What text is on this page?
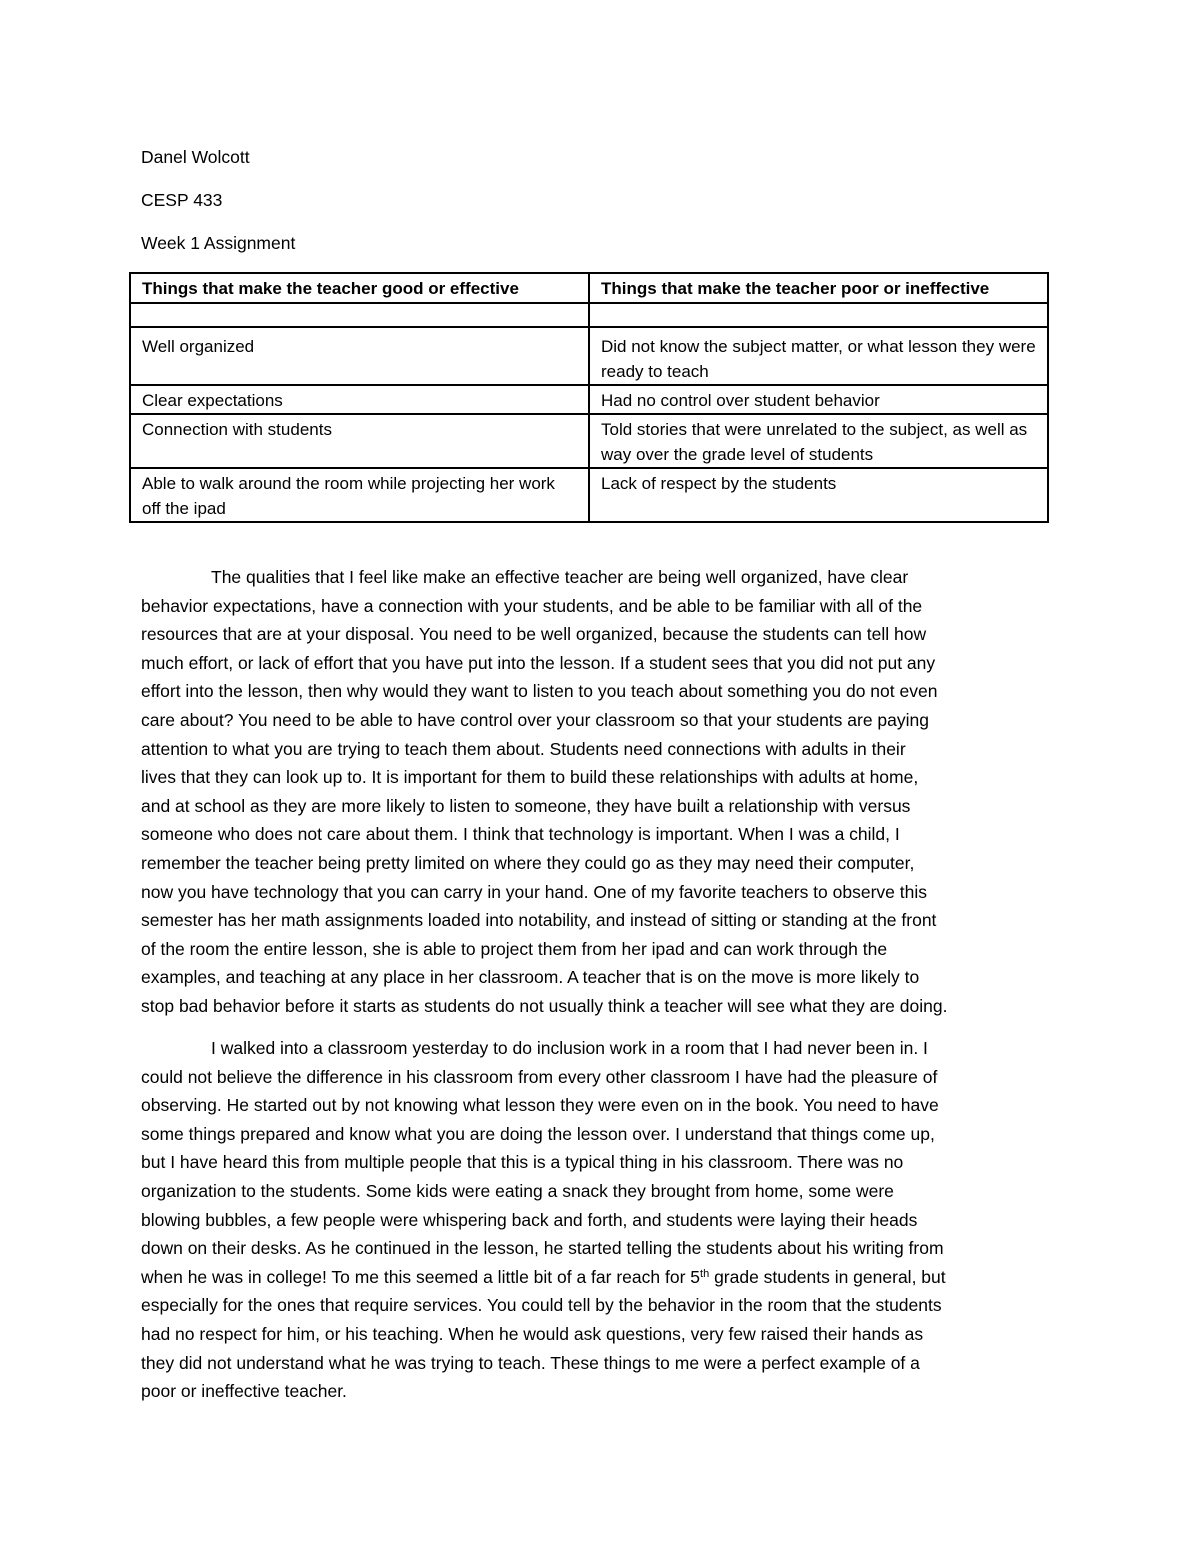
Danel Wolcott
CESP 433
Week 1 Assignment
Things that make the teacher good or effective	Things that make the teacher poor or ineffective

Well organized	Did not know the subject matter, or what lesson they were ready to teach
Clear expectations	Had no control over student behavior
Connection with students	Told stories that were unrelated to the subject, as well as way over the grade level of students
Able to walk around the room while projecting her work off the ipad	Lack of respect by the students
The qualities that I feel like make an effective teacher are being well organized, have clear
behavior expectations, have a connection with your students, and be able to be familiar with all of the
resources that are at your disposal. You need to be well organized, because the students can tell how
much effort, or lack of effort that you have put into the lesson. If a student sees that you did not put any
effort into the lesson, then why would they want to listen to you teach about something you do not even
care about? You need to be able to have control over your classroom so that your students are paying
attention to what you are trying to teach them about. Students need connections with adults in their
lives that they can look up to. It is important for them to build these relationships with adults at home,
and at school as they are more likely to listen to someone, they have built a relationship with versus
someone who does not care about them. I think that technology is important. When I was a child, I
remember the teacher being pretty limited on where they could go as they may need their computer,
now you have technology that you can carry in your hand. One of my favorite teachers to observe this
semester has her math assignments loaded into notability, and instead of sitting or standing at the front
of the room the entire lesson, she is able to project them from her ipad and can work through the
examples, and teaching at any place in her classroom. A teacher that is on the move is more likely to
stop bad behavior before it starts as students do not usually think a teacher will see what they are doing.
I walked into a classroom yesterday to do inclusion work in a room that I had never been in. I
could not believe the difference in his classroom from every other classroom I have had the pleasure of
observing. He started out by not knowing what lesson they were even on in the book. You need to have
some things prepared and know what you are doing the lesson over. I understand that things come up,
but I have heard this from multiple people that this is a typical thing in his classroom. There was no
organization to the students. Some kids were eating a snack they brought from home, some were
blowing bubbles, a few people were whispering back and forth, and students were laying their heads
down on their desks. As he continued in the lesson, he started telling the students about his writing from
when he was in college! To me this seemed a little bit of a far reach for 5th grade students in general, but
especially for the ones that require services. You could tell by the behavior in the room that the students
had no respect for him, or his teaching. When he would ask questions, very few raised their hands as
they did not understand what he was trying to teach. These things to me were a perfect example of a
poor or ineffective teacher.
